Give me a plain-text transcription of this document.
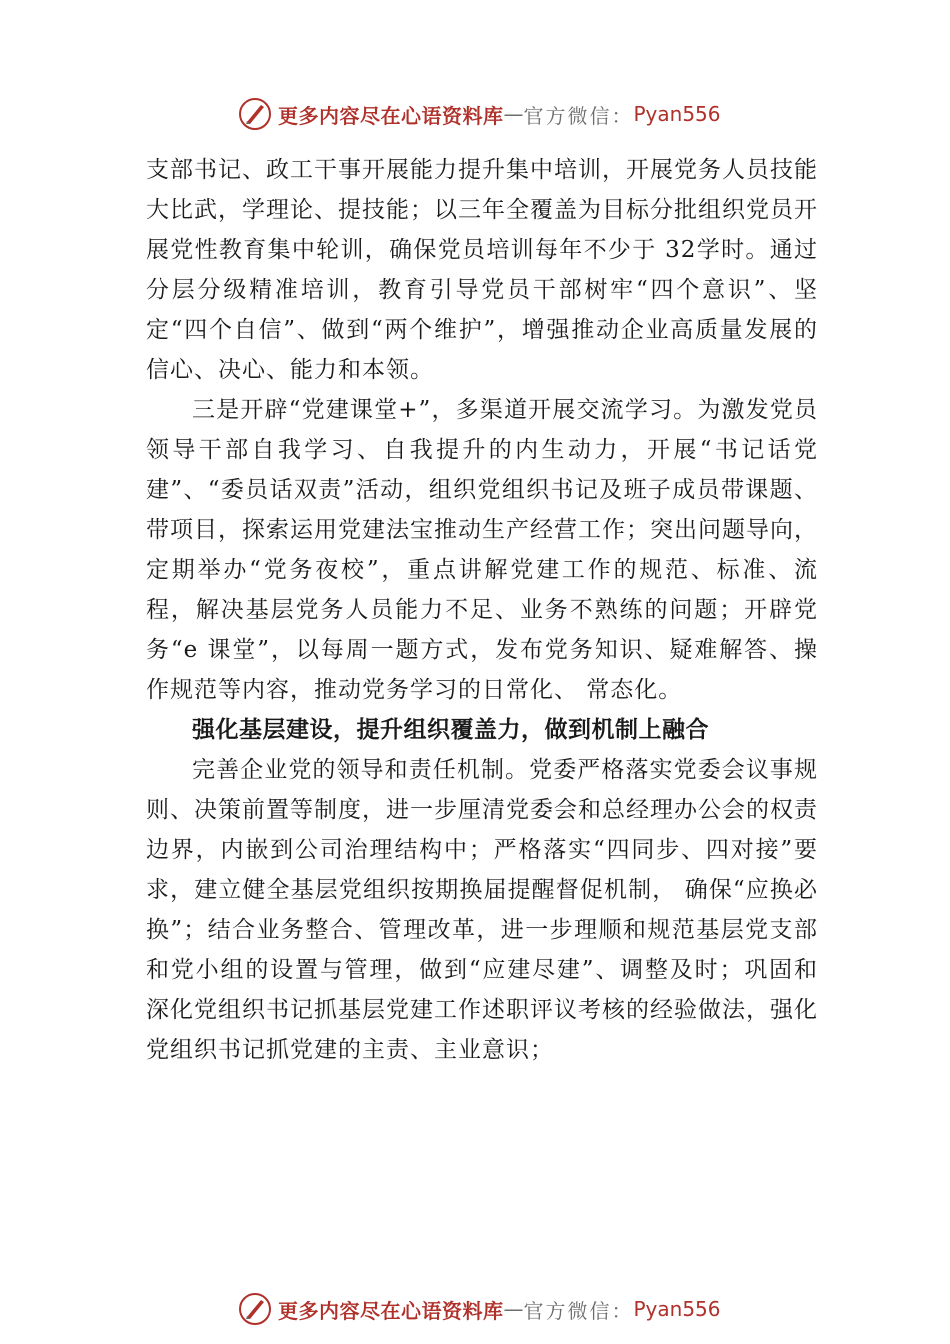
更多内容尽在心语资料库 — 官方微信： Pyan556

支部书记、政工干事开展能力提升集中培训，开展党务人员技能大比武，学理论、提技能；以三年全覆盖为目标分批组织党员开展党性教育集中轮训，确保党员培训每年不少于 32学时。通过分层分级精准培训，教育引导党员干部树牢“四个意识”、坚定“四个自信”、做到“两个维护”，增强推动企业高质量发展的信心、决心、能力和本领。

三是开辟“党建课堂+”，多渠道开展交流学习。为激发党员领导干部自我学习、自我提升的内生动力，开展“书记话党建”、“委员话双责”活动，组织党组织书记及班子成员带课题、带项目，探索运用党建法宝推动生产经营工作；突出问题导向，定期举办“党务夜校”，重点讲解党建工作的规范、标准、流程，解决基层党务人员能力不足、业务不熟练的问题；开辟党务“e 课堂”，以每周一题方式，发布党务知识、疑难解答、操作规范等内容，推动党务学习的日常化、 常态化。

强化基层建设，提升组织覆盖力，做到机制上融合

完善企业党的领导和责任机制。党委严格落实党委会议事规则、决策前置等制度，进一步厘清党委会和总经理办公会的权责边界，内嵌到公司治理结构中；严格落实“四同步、四对接”要求，建立健全基层党组织按期换届提醒督促机制， 确保“应换必换”；结合业务整合、管理改革，进一步理顺和规范基层党支部和党小组的设置与管理，做到“应建尽建”、调整及时；巩固和深化党组织书记抓基层党建工作述职评议考核的经验做法，强化党组织书记抓党建的主责、主业意识；

更多内容尽在心语资料库 — 官方微信： Pyan556
